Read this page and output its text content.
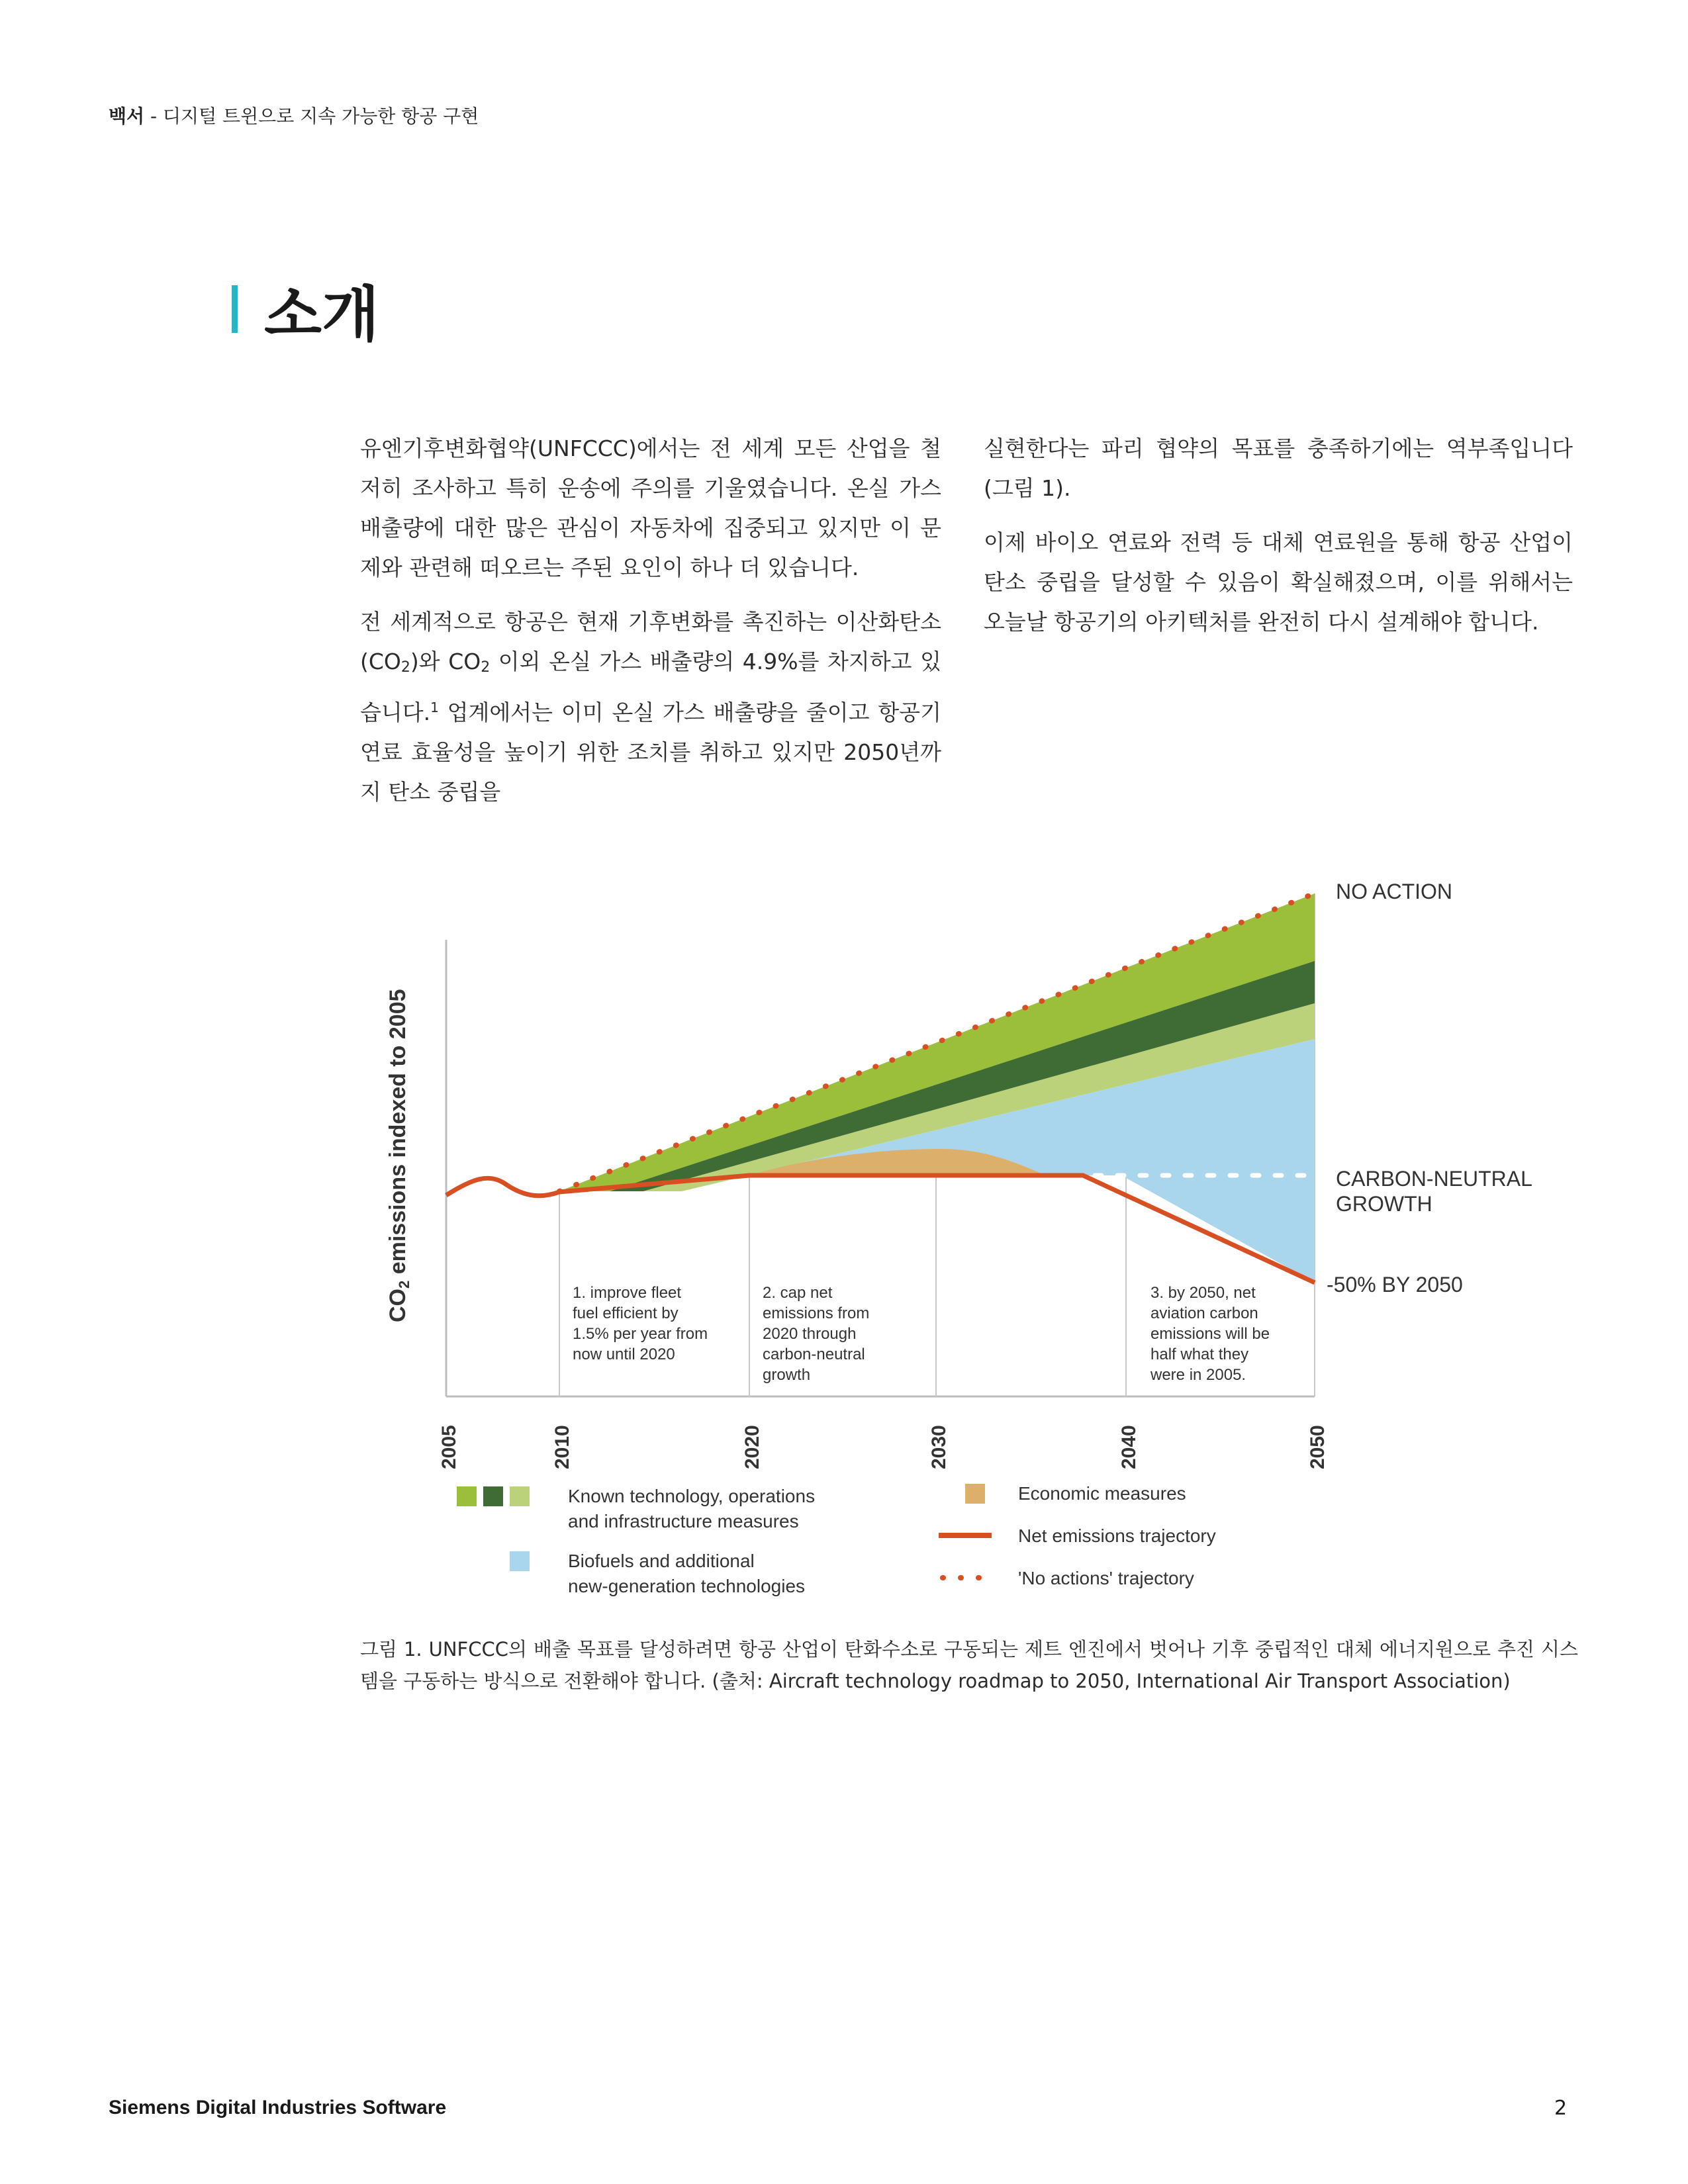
백서 - 디지털 트윈으로 지속 가능한 항공 구현
소개

유엔기후변화협약(UNFCCC)에서는 전 세계 모든 산업을 철저히 조사하고 특히 운송에 주의를 기울였습니다. 온실 가스 배출량에 대한 많은 관심이 자동차에 집중되고 있지만 이 문제와 관련해 떠오르는 주된 요인이 하나 더 있습니다.

전 세계적으로 항공은 현재 기후변화를 촉진하는 이산화탄소$(CO_2)$와 $CO_2$ 이외 온실 가스 배출량의 4.9%를 차지하고 있습니다.$^1$ 업계에서는 이미 온실 가스 배출량을 줄이고 항공기 연료 효율성을 높이기 위한 조치를 취하고 있지만 2050년까지 탄소 중립을

실현한다는 파리 협약의 목표를 충족하기에는 역부족입니다(그림 1).

이제 바이오 연료와 전력 등 대체 연료원을 통해 항공 산업이 탄소 중립을 달성할 수 있음이 확실해졌으며, 이를 위해서는 오늘날 항공기의 아키텍처를 완전히 다시 설계해야 합니다.

NO ACTION
CARBON-NEUTRAL
GROWTH
-50% BY 2050
CO2 emissions indexed to 2005
1. improve fleet
fuel efficient by
1.5% per year from
now until 2020
2. cap net
emissions from
2020 through
carbon-neutral
growth
3. by 2050, net
aviation carbon
emissions will be
half what they
were in 2005.
2005	2010	2020	2030	2040	2050
Known technology, operations
and infrastructure measures
Biofuels and additional
new-generation technologies
Economic measures
Net emissions trajectory
'No actions' trajectory
그림 1. UNFCCC의 배출 목표를 달성하려면 항공 산업이 탄화수소로 구동되는 제트 엔진에서 벗어나 기후 중립적인 대체 에너지원으로 추진 시스템을 구동하는 방식으로 전환해야 합니다. (출처: Aircraft technology roadmap to 2050, International Air Transport Association)
Siemens Digital Industries Software	2
